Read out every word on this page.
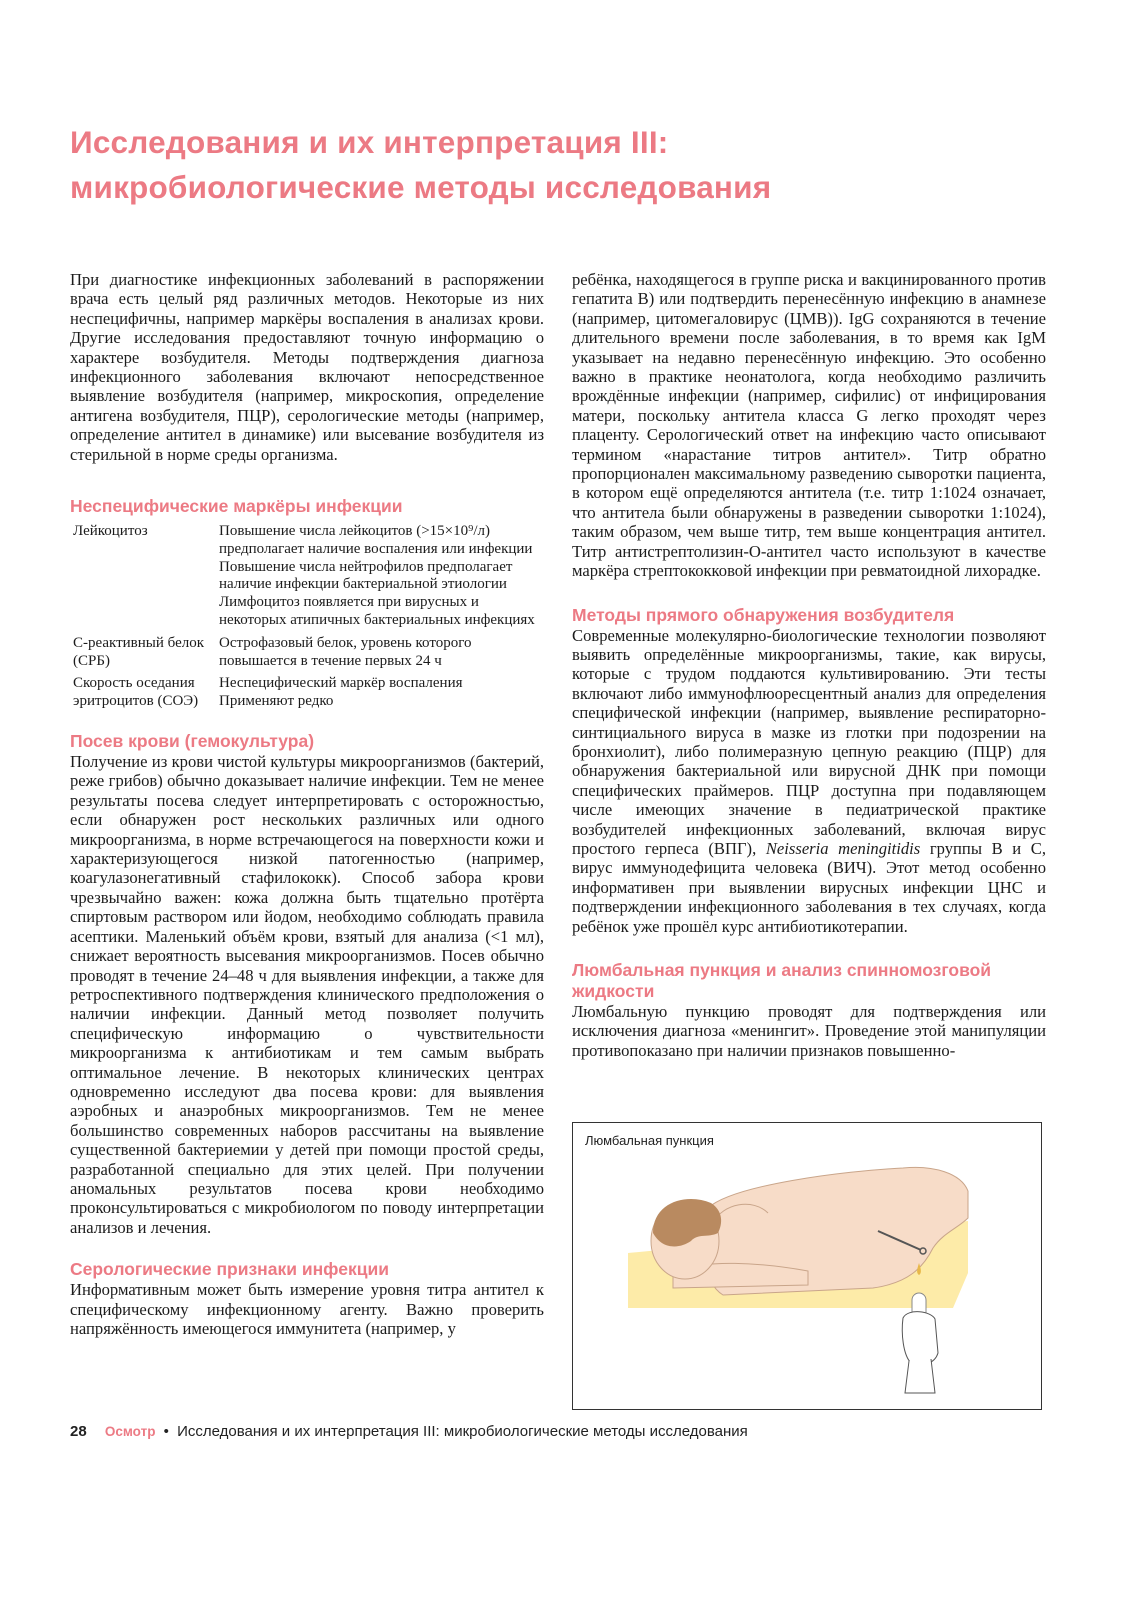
Исследования и их интерпретация III:
микробиологические методы исследования

При диагностике инфекционных заболеваний в распоряжении врача есть целый ряд различных методов. Некоторые из них неспецифичны, например маркёры воспаления в анализах крови. Другие исследования предоставляют точную информацию о характере возбудителя. Методы подтверждения диагноза инфекционного заболевания включают непосредственное выявление возбудителя (например, микроскопия, определение антигена возбудителя, ПЦР), серологические методы (например, определение антител в динамике) или высевание возбудителя из стерильной в норме среды организма.

Неспецифические маркёры инфекции
Лейкоцитоз	Повышение числа лейкоцитов (>15×10⁹/л) предполагает наличие воспаления или инфекции

Повышение числа нейтрофилов предполагает наличие инфекции бактериальной этиологии

Лимфоцитоз появляется при вирусных и некоторых атипичных бактериальных инфекциях

С-реактивный белок (СРБ)

Острофазовый белок, уровень которого повышается в течение первых 24 ч

Скорость оседания эритроцитов (СОЭ)

Неспецифический маркёр воспаления

Применяют редко

Посев крови (гемокультура)

Получение из крови чистой культуры микроорганизмов (бактерий, реже грибов) обычно доказывает наличие инфекции. Тем не менее результаты посева следует интерпретировать с осторожностью, если обнаружен рост нескольких различных или одного микроорганизма, в норме встречающегося на поверхности кожи и характеризующегося низкой патогенностью (например, коагулазонегативный стафилококк). Способ забора крови чрезвычайно важен: кожа должна быть тщательно протёрта спиртовым раствором или йодом, необходимо соблюдать правила асептики. Маленький объём крови, взятый для анализа (<1 мл), снижает вероятность высевания микроорганизмов. Посев обычно проводят в течение 24–48 ч для выявления инфекции, а также для ретроспективного подтверждения клинического предположения о наличии инфекции. Данный метод позволяет получить специфическую информацию о чувствительности микроорганизма к антибиотикам и тем самым выбрать оптимальное лечение. В некоторых клинических центрах одновременно исследуют два посева крови: для выявления аэробных и анаэробных микроорганизмов. Тем не менее большинство современных наборов рассчитаны на выявление существенной бактериемии у детей при помощи простой среды, разработанной специально для этих целей. При получении аномальных результатов посева крови необходимо проконсультироваться с микробиологом по поводу интерпретации анализов и лечения.

Серологические признаки инфекции

Информативным может быть измерение уровня титра антител к специфическому инфекционному агенту. Важно проверить напряжённость имеющегося иммунитета (например, у

ребёнка, находящегося в группе риска и вакцинированного против гепатита В) или подтвердить перенесённую инфекцию в анамнезе (например, цитомегаловирус (ЦМВ)). IgG сохраняются в течение длительного времени после заболевания, в то время как IgM указывает на недавно перенесённую инфекцию. Это особенно важно в практике неонатолога, когда необходимо различить врождённые инфекции (например, сифилис) от инфицирования матери, поскольку антитела класса G легко проходят через плаценту. Серологический ответ на инфекцию часто описывают термином «нарастание титров антител». Титр обратно пропорционален максимальному разведению сыворотки пациента, в котором ещё определяются антитела (т.е. титр 1:1024 означает, что антитела были обнаружены в разведении сыворотки 1:1024), таким образом, чем выше титр, тем выше концентрация антител. Титр антистрептолизин-О-антител часто используют в качестве маркёра стрептококковой инфекции при ревматоидной лихорадке.

Методы прямого обнаружения возбудителя

Современные молекулярно-биологические технологии позволяют выявить определённые микроорганизмы, такие, как вирусы, которые с трудом поддаются культивированию. Эти тесты включают либо иммунофлюоресцентный анализ для определения специфической инфекции (например, выявление респираторно-синтициального вируса в мазке из глотки при подозрении на бронхиолит), либо полимеразную цепную реакцию (ПЦР) для обнаружения бактериальной или вирусной ДНК при помощи специфических праймеров. ПЦР доступна при подавляющем числе имеющих значение в педиатрической практике возбудителей инфекционных заболеваний, включая вирус простого герпеса (ВПГ), Neisseria meningitidis группы В и С, вирус иммунодефицита человека (ВИЧ). Этот метод особенно информативен при выявлении вирусных инфекции ЦНС и подтверждении инфекционного заболевания в тех случаях, когда ребёнок уже прошёл курс антибиотикотерапии.

Люмбальная пункция и анализ спинномозговой жидкости

Люмбальную пункцию проводят для подтверждения или исключения диагноза «менингит». Проведение этой манипуляции противопоказано при наличии признаков повышенно-

Люмбальная пункция

28 Осмотр • Исследования и их интерпретация III: микробиологические методы исследования
